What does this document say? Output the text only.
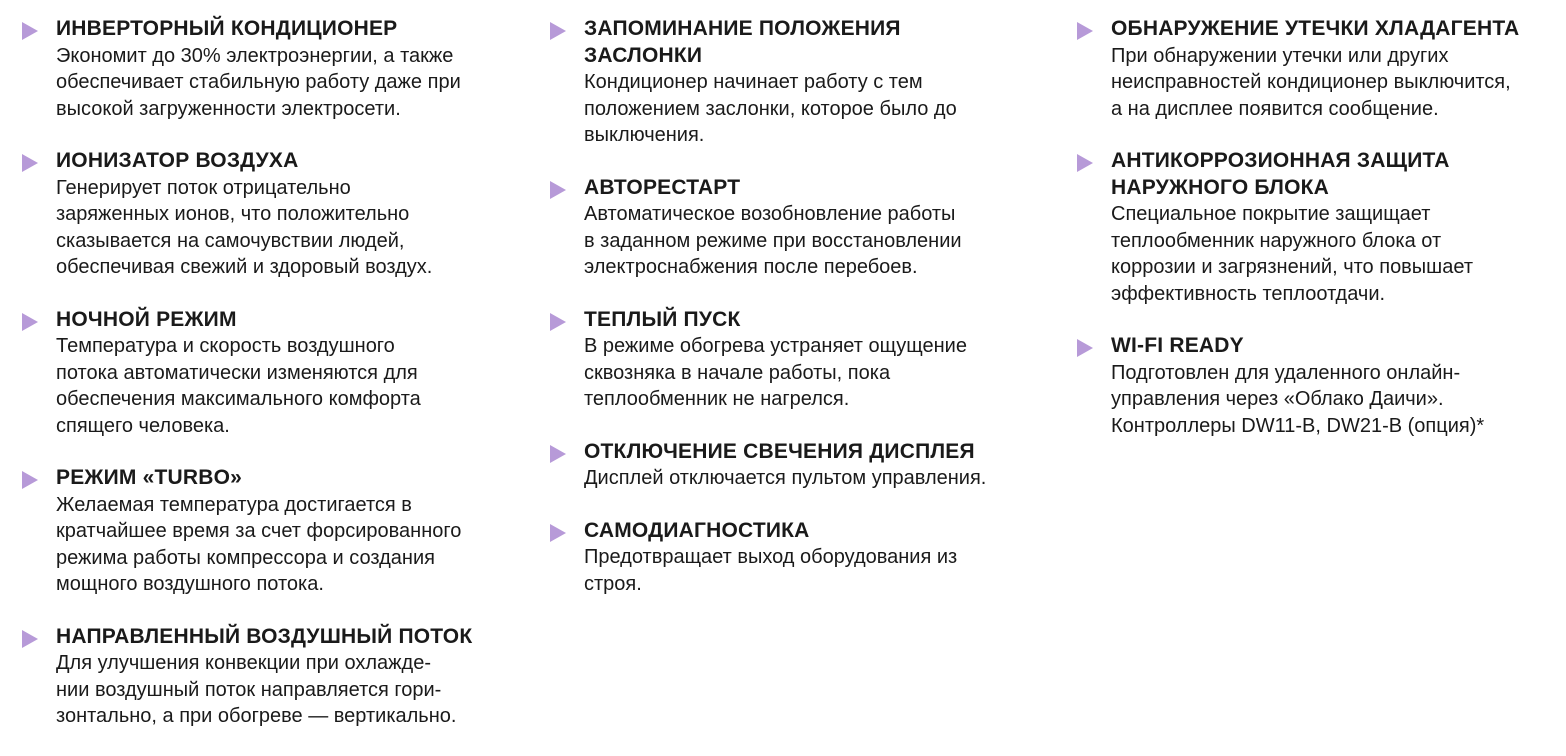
ИНВЕРТОРНЫЙ КОНДИЦИОНЕР
Экономит до 30% электроэнергии, а также
обеспечивает стабильную работу даже при
высокой загруженности электросети.
ИОНИЗАТОР ВОЗДУХА
Генерирует поток отрицательно
заряженных ионов, что положительно
сказывается на самочувствии людей,
обеспечивая свежий и здоровый воздух.
НОЧНОЙ РЕЖИМ
Температура и скорость воздушного
потока автоматически изменяются для
обеспечения максимального комфорта
спящего человека.
РЕЖИМ «TURBO»
Желаемая температура достигается в
кратчайшее время за счет форсированного
режима работы компрессора и создания
мощного воздушного потока.
НАПРАВЛЕННЫЙ ВОЗДУШНЫЙ ПОТОК
Для улучшения конвекции при охлажде-
нии воздушный поток направляется гори-
зонтально, а при обогреве — вертикально.
ЗАПОМИНАНИЕ ПОЛОЖЕНИЯ
ЗАСЛОНКИ
Кондиционер начинает работу с тем
положением заслонки, которое было до
выключения.
АВТОРЕСТАРТ
Автоматическое возобновление работы
в заданном режиме при восстановлении
электроснабжения после перебоев.
ТЕПЛЫЙ ПУСК
В режиме обогрева устраняет ощущение
сквозняка в начале работы, пока
теплообменник не нагрелся.
ОТКЛЮЧЕНИЕ СВЕЧЕНИЯ ДИСПЛЕЯ
Дисплей отключается пультом управления.
САМОДИАГНОСТИКА
Предотвращает выход оборудования из
строя.
ОБНАРУЖЕНИЕ УТЕЧКИ ХЛАДАГЕНТА
При обнаружении утечки или других
неисправностей кондиционер выключится,
а на дисплее появится сообщение.
АНТИКОРРОЗИОННАЯ ЗАЩИТА
НАРУЖНОГО БЛОКА
Специальное покрытие защищает
теплообменник наружного блока от
коррозии и загрязнений, что повышает
эффективность теплоотдачи.
WI-FI READY
Подготовлен для удаленного онлайн-
управления через «Облако Даичи».
Контроллеры DW11-B, DW21-B (опция)*
